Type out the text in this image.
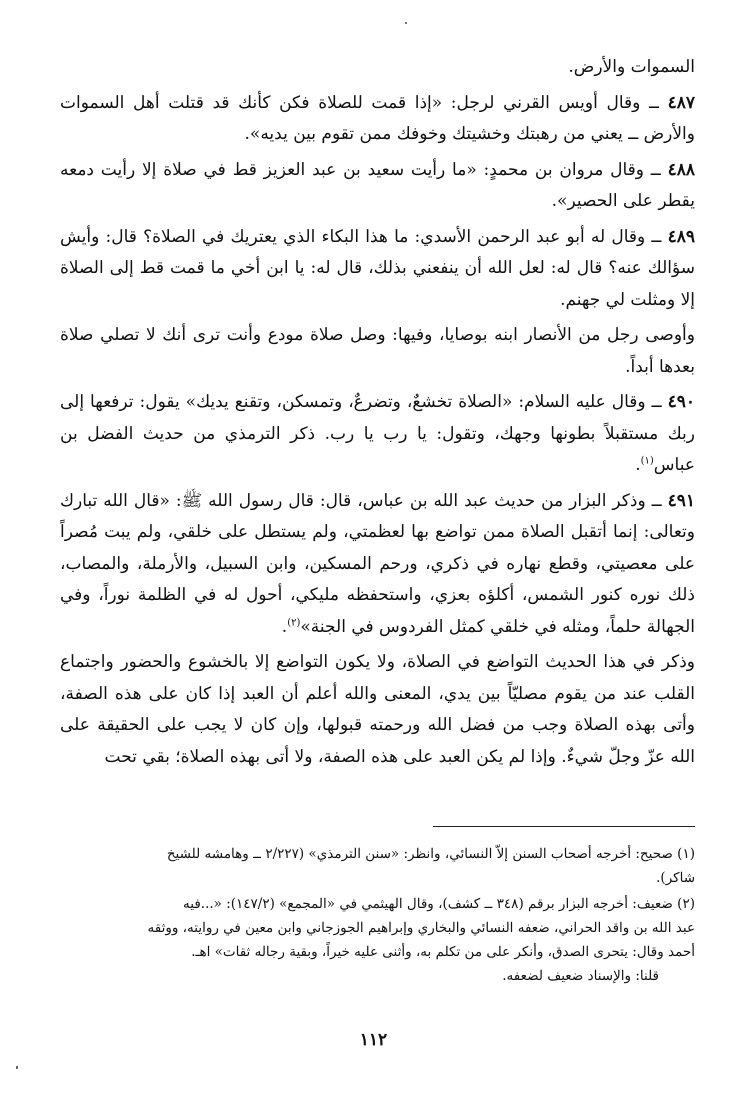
السموات والأرض.

٤٨٧ ــ وقال أويس القرني لرجل: «إذا قمت للصلاة فكن كأنك قد قتلت أهل السموات والأرض ــ يعني من رهبتك وخشيتك وخوفك ممن تقوم بين يديه».

٤٨٨ ــ وقال مروان بن محمدٍ: «ما رأيت سعيد بن عبد العزيز قط في صلاة إلا رأيت دمعه يقطر على الحصير».

٤٨٩ ــ وقال له أبو عبد الرحمن الأسدي: ما هذا البكاء الذي يعتريك في الصلاة؟ قال: وأيش سؤالك عنه؟ قال له: لعل الله أن ينفعني بذلك، قال له: يا ابن أخي ما قمت قط إلى الصلاة إلا ومثلت لي جهنم.

وأوصى رجل من الأنصار ابنه بوصايا، وفيها: وصل صلاة مودع وأنت ترى أنك لا تصلي صلاة بعدها أبداً.

٤٩٠ ــ وقال عليه السلام: «الصلاة تخشعٌ، وتضرعٌ، وتمسكن، وتقنع يديك» يقول: ترفعها إلى ربك مستقبلاً بطونها وجهك، وتقول: يا رب يا رب. ذكر الترمذي من حديث الفضل بن عباس$^{(١)}$.

٤٩١ ــ وذكر البزار من حديث عبد الله بن عباس، قال: قال رسول الله ﷺ: «قال الله تبارك وتعالى: إنما أتقبل الصلاة ممن تواضع بها لعظمتي، ولم يستطل على خلقي، ولم يبت مُصراً على معصيتي، وقطع نهاره في ذكري، ورحم المسكين، وابن السبيل، والأرملة، والمصاب، ذلك نوره كنور الشمس، أكلؤه بعزي، واستحفظه مليكي، أحول له في الظلمة نوراً، وفي الجهالة حلماً، ومثله في خلقي كمثل الفردوس في الجنة»$^{(٢)}$.

وذكر في هذا الحديث التواضع في الصلاة، ولا يكون التواضع إلا بالخشوع والحضور واجتماع القلب عند من يقوم مصليّاً بين يدي، المعنى والله أعلم أن العبد إذا كان على هذه الصفة، وأتى بهذه الصلاة وجب من فضل الله ورحمته قبولها، وإن كان لا يجب على الحقيقة على الله عزّ وجلّ شيءٌ. وإذا لم يكن العبد على هذه الصفة، ولا أتى بهذه الصلاة؛ بقي تحت

(١) صحيح: أخرجه أصحاب السنن إلاّ النسائي، وانظر: «سنن الترمذي» (٢/٢٢٧ ــ وهامشه للشيخ
شاكر).
(٢) ضعيف: أخرجه البزار برقم (٣٤٨ ــ كشف)، وقال الهيثمي في «المجمع» (١٤٧/٢): «...فيه
عبد الله بن واقد الحراني، ضعفه النسائي والبخاري وإبراهيم الجوزجاني وابن معين في روايته، ووثقه
أحمد وقال: يتحرى الصدق، وأنكر على من تكلم به، وأثنى عليه خيراً، وبقية رجاله ثقات» اهـ.
قلنا: والإسناد ضعيف لضعفه.
١١٢
